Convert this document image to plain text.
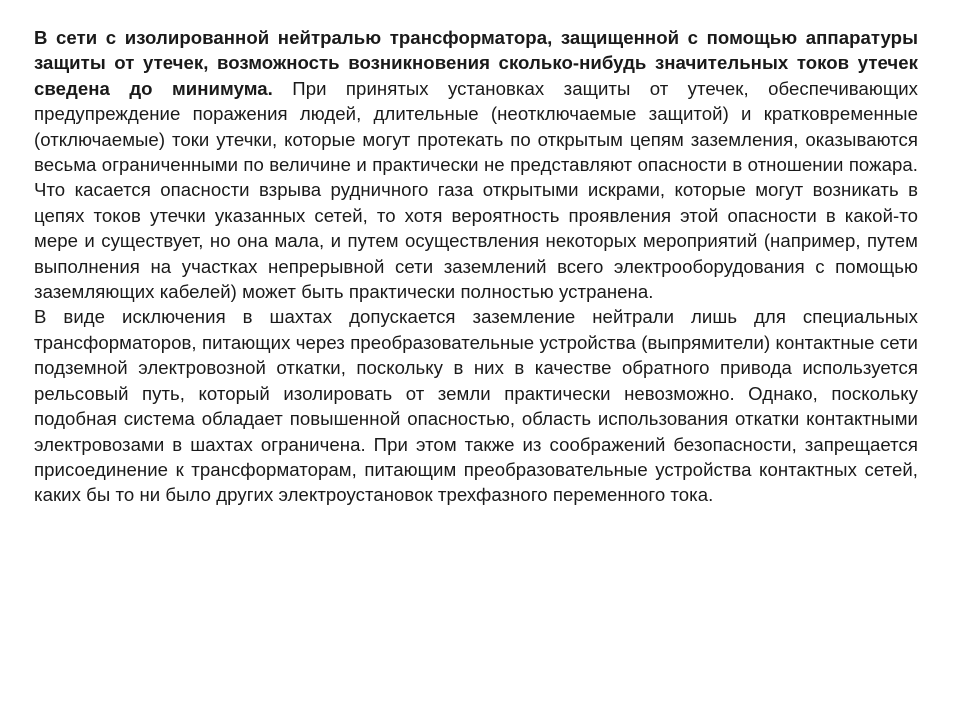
В сети с изолированной нейтралью трансформатора, защищенной с помощью аппаратуры защиты от утечек, возможность возникновения сколько-нибудь значительных токов утечек сведена до минимума. При принятых установках защиты от утечек, обеспечивающих предупреждение поражения людей, длительные (неотключаемые защитой) и кратковременные (отключаемые) токи утечки, которые могут протекать по открытым цепям заземления, оказываются весьма ограниченными по величине и практически не представляют опасности в отношении пожара. Что касается опасности взрыва рудничного газа открытыми искрами, которые могут возникать в цепях токов утечки указанных сетей, то хотя вероятность проявления этой опасности в какой-то мере и существует, но она мала, и путем осуществления некоторых мероприятий (например, путем выполнения на участках непрерывной сети заземлений всего электрооборудования с помощью заземляющих кабелей) может быть практически полностью устранена.

В виде исключения в шахтах допускается заземление нейтрали лишь для специальных трансформаторов, питающих через преобразовательные устройства (выпрямители) контактные сети подземной электровозной откатки, поскольку в них в качестве обратного привода используется рельсовый путь, который изолировать от земли практически невозможно. Однако, поскольку подобная система обладает повышенной опасностью, область использования откатки контактными электровозами в шахтах ограничена. При этом также из соображений безопасности, запрещается присоединение к трансформаторам, питающим преобразовательные устройства контактных сетей, каких бы то ни было других электроустановок трехфазного переменного тока.
